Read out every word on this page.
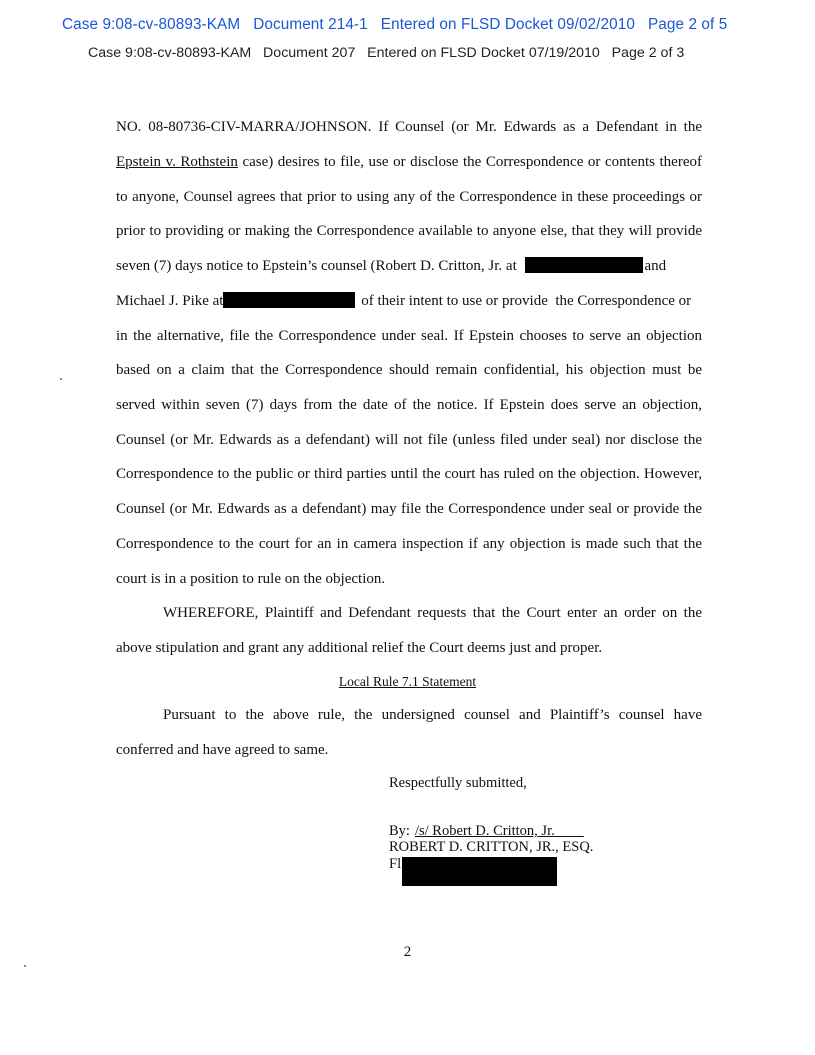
Case 9:08-cv-80893-KAM   Document 214-1   Entered on FLSD Docket 09/02/2010   Page 2 of 5
Case 9:08-cv-80893-KAM   Document 207   Entered on FLSD Docket 07/19/2010   Page 2 of 3
NO. 08-80736-CIV-MARRA/JOHNSON. If Counsel (or Mr. Edwards as a Defendant in the
Epstein v. Rothstein case) desires to file, use or disclose the Correspondence or contents thereof
to anyone, Counsel agrees that prior to using any of the Correspondence in these proceedings or
prior to providing or making the Correspondence available to anyone else, that they will provide
seven (7) days notice to Epstein’s counsel (Robert D. Critton, Jr. at	and
Michael J. Pike at	of their intent to use or provide  the Correspondence or
in the alternative, file the Correspondence under seal. If Epstein chooses to serve an objection
based on a claim that the Correspondence should remain confidential, his objection must be
served within seven (7) days from the date of the notice. If Epstein does serve an objection,
Counsel (or Mr. Edwards as a defendant) will not file (unless filed under seal) nor disclose the
Correspondence to the public or third parties until the court has ruled on the objection. However,
Counsel (or Mr. Edwards as a defendant) may file the Correspondence under seal or provide the
Correspondence to the court for an in camera inspection if any objection is made such that the
court is in a position to rule on the objection.
WHEREFORE, Plaintiff and Defendant requests that the Court enter an order on the
above stipulation and grant any additional relief the Court deems just and proper.
Pursuant to the above rule, the undersigned counsel and Plaintiff’s counsel have
conferred and have agreed to same.
Local Rule 7.1 Statement
Respectfully submitted,
By: /s/ Robert D. Critton, Jr.
ROBERT D. CRITTON, JR., ESQ.
Fl
2
